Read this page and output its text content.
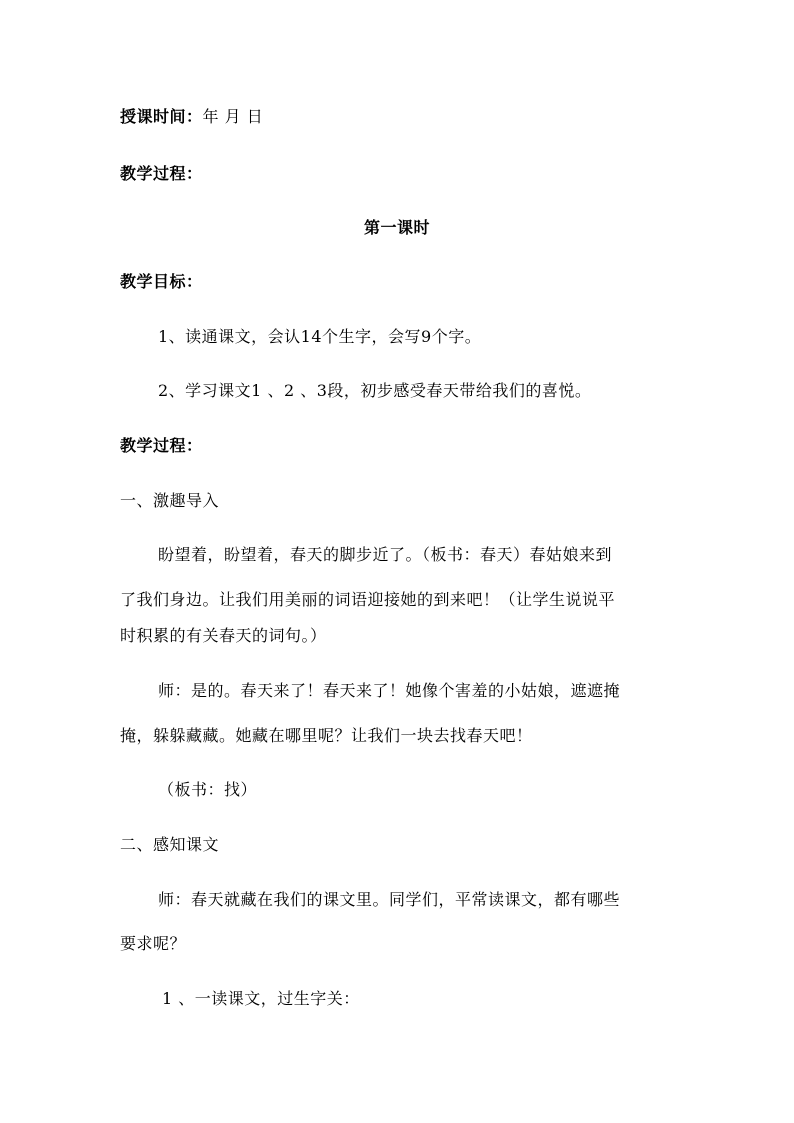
授课时间：年 月 日
教学过程：
第一课时
教学目标：
1、读通课文，会认14个生字，会写9个字。
2、学习课文1 、2 、3段，初步感受春天带给我们的喜悦。
教学过程：
一、激趣导入
盼望着，盼望着，春天的脚步近了。（板书：春天）春姑娘来到
了我们身边。让我们用美丽的词语迎接她的到来吧！（让学生说说平
时积累的有关春天的词句。）
师：是的。春天来了！春天来了！她像个害羞的小姑娘，遮遮掩
掩，躲躲藏藏。她藏在哪里呢？让我们一块去找春天吧！
（板书：找）
二、感知课文
师：春天就藏在我们的课文里。同学们，平常读课文，都有哪些
要求呢？
1 、一读课文，过生字关：
